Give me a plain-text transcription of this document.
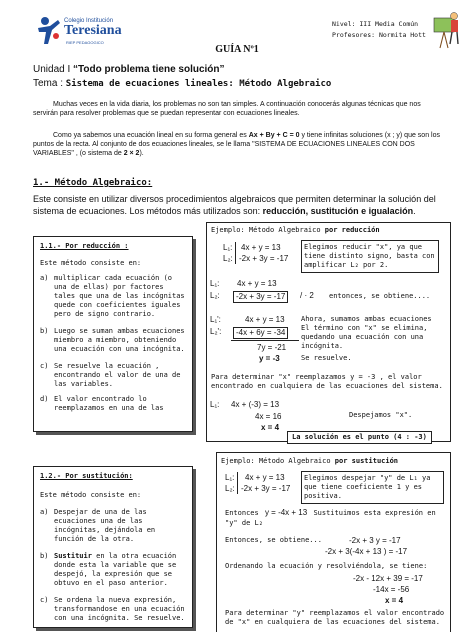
Colegio Institución
Teresiana
RIEP PEDAGOGICO
Nivel: III Media Común
Profesores: Normita Hott
GUÍA Nº1
Unidad I “Todo problema tiene solución”
Tema : Sistema de ecuaciones lineales: Método Algebraico
Muchas veces en la vida diaria, los problemas no son tan simples. A continuación conocerás algunas técnicas que nos servirán para resolver problemas que se puedan representar con ecuaciones lineales.
Como ya sabemos una ecuación lineal en su forma general es Ax + By + C = 0 y tiene infinitas soluciones (x ; y) que son los puntos de la recta. Al conjunto de dos ecuaciones lineales, se le llama "SISTEMA DE ECUACIONES LINEALES CON DOS VARIABLES" , (o sistema de 2 × 2).
1.- Método Algebraico:
Este consiste en utilizar diversos procedimientos algebraicos que permiten determinar la solución del sistema de ecuaciones. Los métodos más utilizados son: reducción, sustitución e igualación.
1.1.- Por reducción :
Este método consiste en:
a) multiplicar cada ecuación (o una de ellas) por factores tales que una de las incógnitas quede con coeficientes iguales pero de signo contrario.
b) Luego se suman ambas ecuaciones miembro a miembro, obteniendo una ecuación con una incógnita.
c) Se resuelve la ecuación , encontrando el valor de una de las variables.
d) El valor encontrado lo reemplazamos en una de las
Ejemplo: Método Algebraico por reducción
L₁: 4x + y = 13
L₂: -2x + 3y = -17
Elegimos reducir "x", ya que tiene distinto signo, basta con amplificar L₂ por 2.
L₁: 4x + y = 13
L₂:	-2x + 3y = -17	/ · 2 entonces, se obtiene....
L₁':	4x + y = 13
L₂':	-4x + 6y = -34
7y = -21
y = -3
Ahora, sumamos ambas ecuaciones El término con "x" se elimina, quedando una ecuación con una incógnita.
Se resuelve.
Para determinar "x" reemplazamos y = -3 , el valor encontrado en cualquiera de las ecuaciones del sistema.
L₁: 4x + (-3) = 13
4x = 16
x = 4
Despejamos "x".
La solución es el punto (4 : -3)
1.2.- Por sustitución:
Este método consiste en:
a) Despejar de una de las ecuaciones una de las incógnitas, dejándola en función de la otra.
b) Sustituir en la otra ecuación donde esta la variable que se despejó, la expresión que se obtuvo en el paso anterior.
c) Se ordena la nueva expresión, transformandose en una ecuación con una incógnita. Se resuelve.
Ejemplo: Método Algebraico por sustitución
L₁: 4x + y = 13
L₂: -2x + 3y = -17
Elegimos despejar "y" de L₁ ya que tiene coeficiente 1 y es positiva.
Entonces y = -4x + 13 Sustituimos esta expresión en "y" de L₂
Entonces, se obtiene...	-2x + 3 y = -17
-2x + 3(-4x + 13 ) = -17
Ordenando la ecuación y resolviéndola, se tiene:
-2x - 12x + 39 = -17
-14x = -56
x = 4
Para determinar "y" reemplazamos el valor encontrado de "x" en cualquiera de las ecuaciones del sistema.
